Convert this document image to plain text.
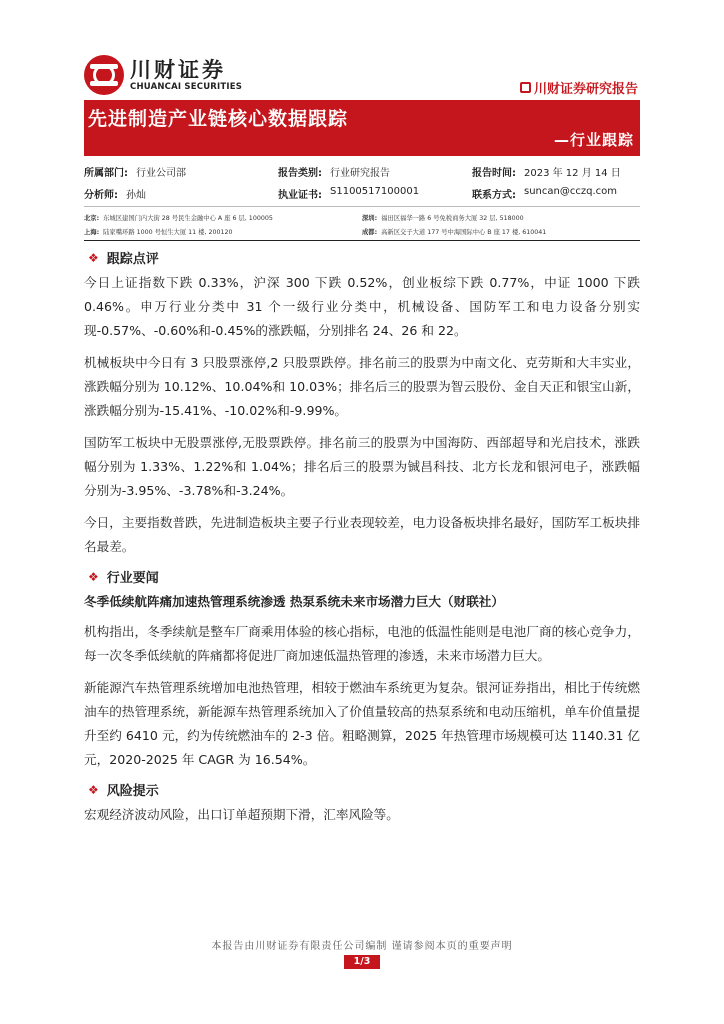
川财证券
CHUANCAI SECURITIES	川财证券研究报告
先进制造产业链核心数据跟踪
—行业跟踪
所属部门: 行业公司部	报告类别: 行业研究报告	报告时间: 2023 年 12 月 14 日
分析师: 孙灿	执业证书: S1100517100001	联系方式: suncan@cczq.com
北京: 东城区建国门内大街 28 号民生金融中心 A 座 6 层, 100005	深圳: 福田区福华一路 6 号免税商务大厦 32 层, 518000
上海: 陆家嘴环路 1000 号恒生大厦 11 楼, 200120	成都: 高新区交子大道 177 号中海国际中心 B 座 17 楼, 610041
❖ 跟踪点评

今日上证指数下跌 0.33%，沪深 300 下跌 0.52%，创业板综下跌 0.77%，中证 1000 下跌 0.46%。申万行业分类中 31 个一级行业分类中，机械设备、国防军工和电力设备分别实现-0.57%、-0.60%和-0.45%的涨跌幅，分别排名 24、26 和 22。

机械板块中今日有 3 只股票涨停,2 只股票跌停。排名前三的股票为中南文化、克劳斯和大丰实业，涨跌幅分别为 10.12%、10.04%和 10.03%；排名后三的股票为智云股份、金自天正和银宝山新，涨跌幅分别为-15.41%、-10.02%和-9.99%。

国防军工板块中无股票涨停,无股票跌停。排名前三的股票为中国海防、西部超导和光启技术，涨跌幅分别为 1.33%、1.22%和 1.04%；排名后三的股票为铖昌科技、北方长龙和银河电子，涨跌幅分别为-3.95%、-3.78%和-3.24%。

今日，主要指数普跌，先进制造板块主要子行业表现较差，电力设备板块排名最好，国防军工板块排名最差。

❖ 行业要闻
冬季低续航阵痛加速热管理系统渗透 热泵系统未来市场潜力巨大（财联社）

机构指出，冬季续航是整车厂商乘用体验的核心指标，电池的低温性能则是电池厂商的核心竞争力，每一次冬季低续航的阵痛都将促进厂商加速低温热管理的渗透，未来市场潜力巨大。

新能源汽车热管理系统增加电池热管理，相较于燃油车系统更为复杂。银河证券指出，相比于传统燃油车的热管理系统，新能源车热管理系统加入了价值量较高的热泵系统和电动压缩机，单车价值量提升至约 6410 元，约为传统燃油车的 2-3 倍。粗略测算，2025 年热管理市场规模可达 1140.31 亿元，2020-2025 年 CAGR 为 16.54%。

❖ 风险提示

宏观经济波动风险，出口订单超预期下滑，汇率风险等。

本报告由川财证券有限责任公司编制 谨请参阅本页的重要声明
1/3
